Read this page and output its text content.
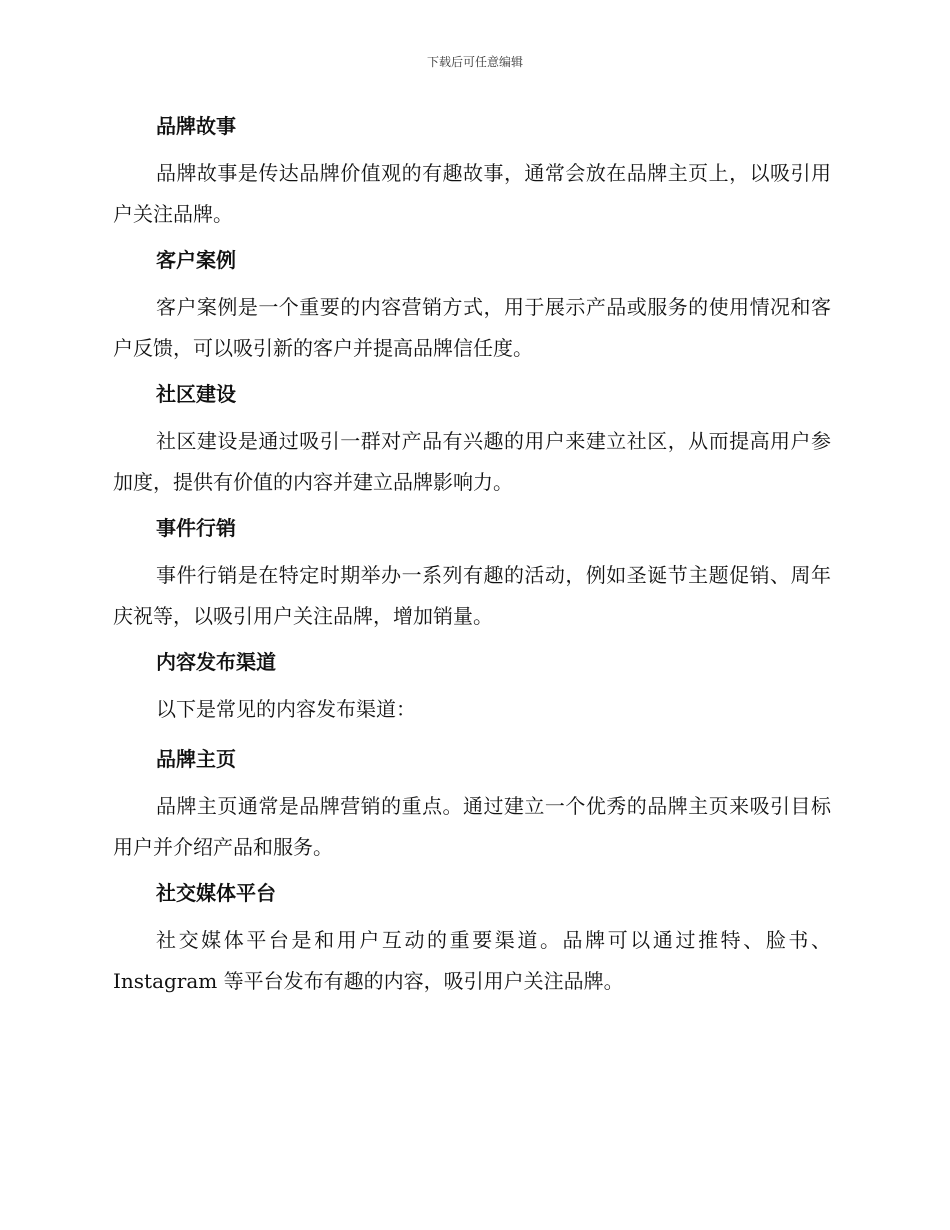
下载后可任意编辑
品牌故事

品牌故事是传达品牌价值观的有趣故事，通常会放在品牌主页上，以吸引用户关注品牌。

客户案例

客户案例是一个重要的内容营销方式，用于展示产品或服务的使用情况和客户反馈，可以吸引新的客户并提高品牌信任度。

社区建设

社区建设是通过吸引一群对产品有兴趣的用户来建立社区，从而提高用户参加度，提供有价值的内容并建立品牌影响力。

事件行销

事件行销是在特定时期举办一系列有趣的活动，例如圣诞节主题促销、周年庆祝等，以吸引用户关注品牌，增加销量。

内容发布渠道

以下是常见的内容发布渠道：

品牌主页

品牌主页通常是品牌营销的重点。通过建立一个优秀的品牌主页来吸引目标用户并介绍产品和服务。

社交媒体平台

社交媒体平台是和用户互动的重要渠道。品牌可以通过推特、脸书、Instagram 等平台发布有趣的内容，吸引用户关注品牌。
